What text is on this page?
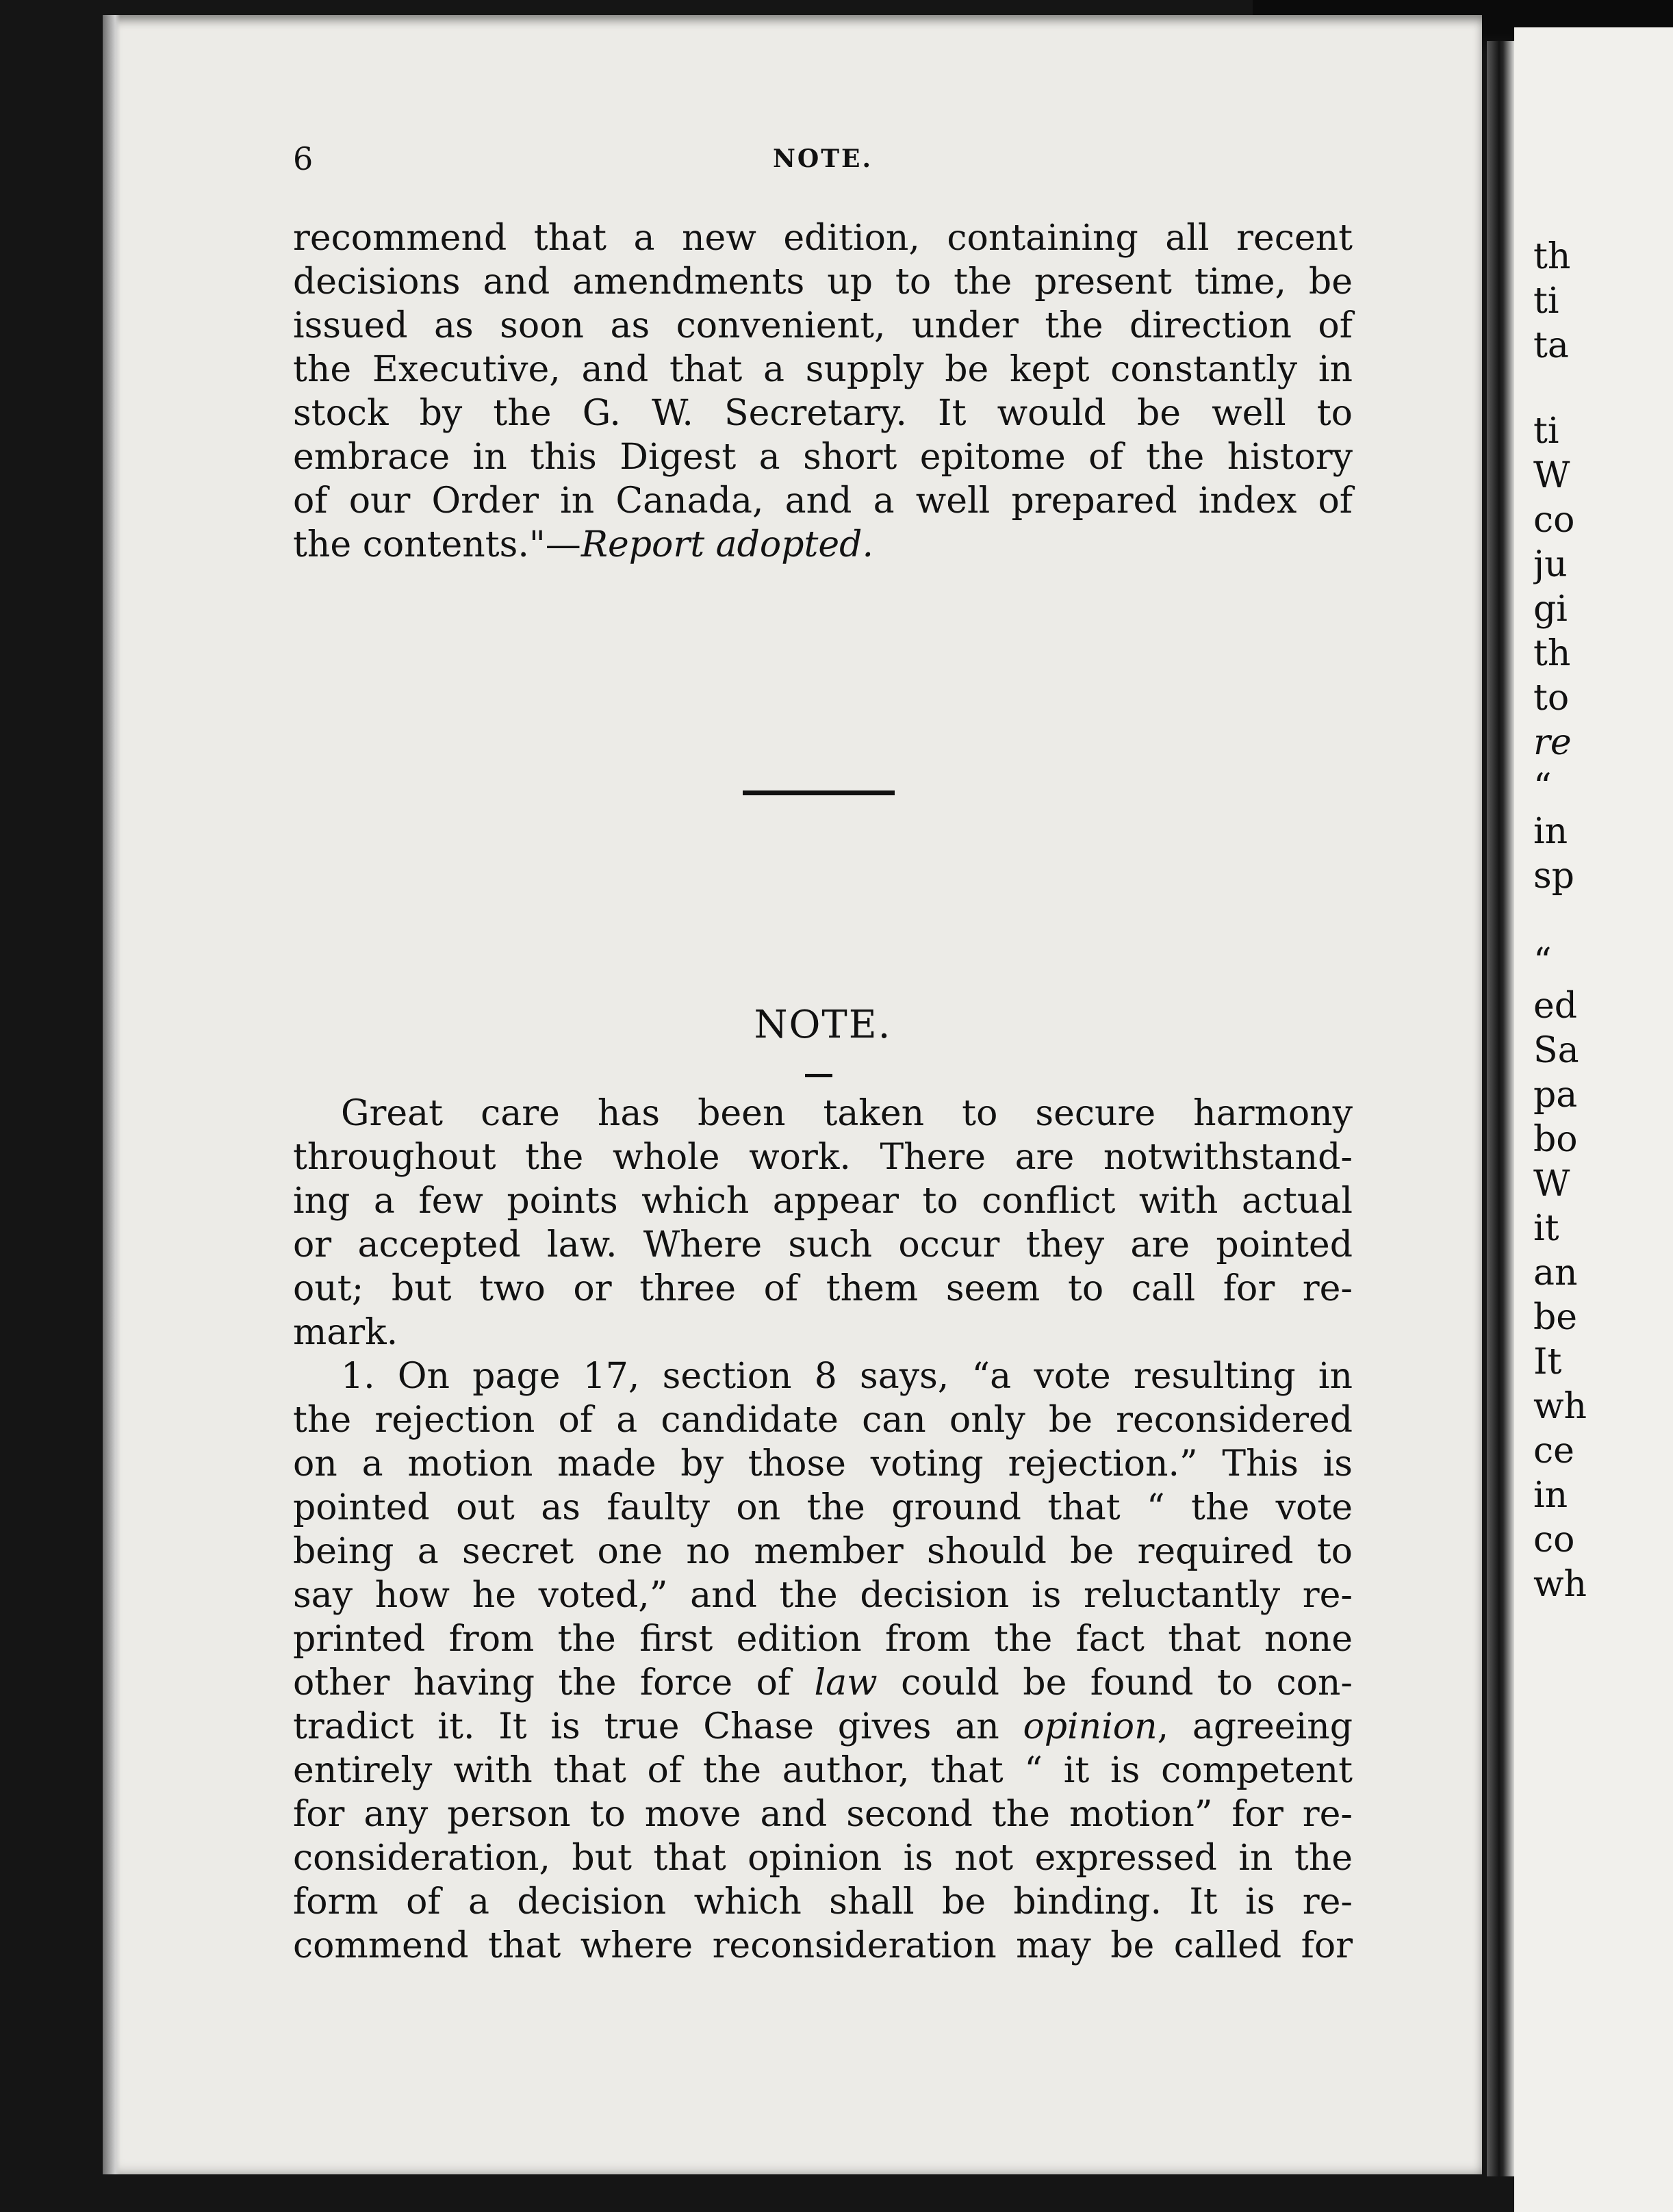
6	NOTE.
recommend that a new edition, containing all recent
decisions and amendments up to the present time, be
issued as soon as convenient, under the direction of
the Executive, and that a supply be kept constantly in
stock by the G. W. Secretary. It would be well to
embrace in this Digest a short epitome of the history
of our Order in Canada, and a well prepared index of
the contents."—Report adopted.
NOTE.
Great care has been taken to secure harmony
throughout the whole work. There are notwithstand-
ing a few points which appear to conflict with actual
or accepted law. Where such occur they are pointed
out; but two or three of them seem to call for re-
mark.
1. On page 17, section 8 says, “a vote resulting in
the rejection of a candidate can only be reconsidered
on a motion made by those voting rejection.” This is
pointed out as faulty on the ground that “ the vote
being a secret one no member should be required to
say how he voted,” and the decision is reluctantly re-
printed from the first edition from the fact that none
other having the force of law could be found to con-
tradict it. It is true Chase gives an opinion, agreeing
entirely with that of the author, that “ it is competent
for any person to move and second the motion” for re-
consideration, but that opinion is not expressed in the
form of a decision which shall be binding. It is re-
commend that where reconsideration may be called for
th
ti
ta
ti
W
co
ju
gi
th
to
re
“
in
sp
“
ed
Sa
pa
bo
W
it
an
be
It
wh
ce
in
co
wh
